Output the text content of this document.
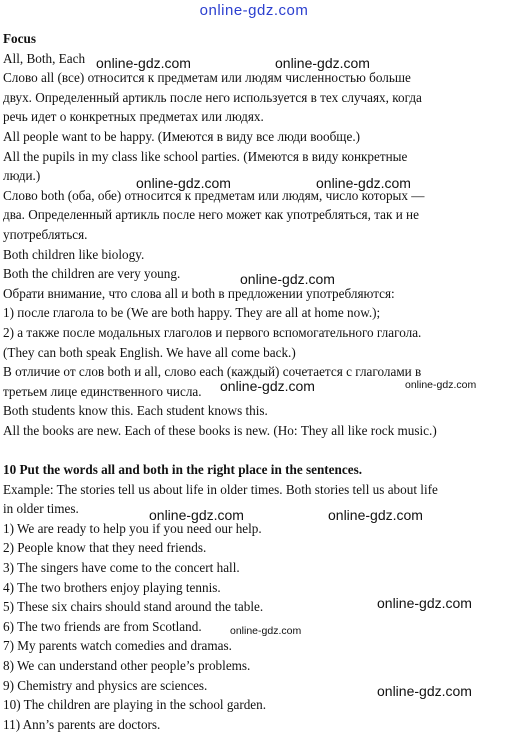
online-gdz.com
Focus
All, Both, Each
Слово all (все) относится к предметам или людям численностью больше
двух. Определенный артикль после него используется в тех случаях, когда
речь идет о конкретных предметах или людях.
All people want to be happy. (Имеются в виду все люди вообще.)
All the pupils in my class like school parties. (Имеются в виду конкретные
люди.)
Слово both (оба, обе) относится к предметам или людям, число которых —
два. Определенный артикль после него может как употребляться, так и не
употребляться.
Both children like biology.
Both the children are very young.
Обрати внимание, что слова all и both в предложении употребляются:
1) после глагола to be (We are both happy. They are all at home now.);
2) а также после модальных глаголов и первого вспомогательного глагола.
(They can both speak English. We have all come back.)
В отличие от слов both и all, слово each (каждый) сочетается с глаголами в
третьем лице единственного числа.
Both students know this. Each student knows this.
All the books are new. Each of these books is new. (Но: They all like rock music.)
10 Put the words all and both in the right place in the sentences.
Example: The stories tell us about life in older times. Both stories tell us about life
in older times.
1) We are ready to help you if you need our help.
2) People know that they need friends.
3) The singers have come to the concert hall.
4) The two brothers enjoy playing tennis.
5) These six chairs should stand around the table.
6) The two friends are from Scotland.
7) My parents watch comedies and dramas.
8) We can understand other people’s problems.
9) Chemistry and physics are sciences.
10) The children are playing in the school garden.
11) Ann’s parents are doctors.
online-gdz.com	online-gdz.com
online-gdz.com	online-gdz.com
online-gdz.com
online-gdz.com
online-gdz.com
online-gdz.com	online-gdz.com
online-gdz.com
online-gdz.com
online-gdz.com
